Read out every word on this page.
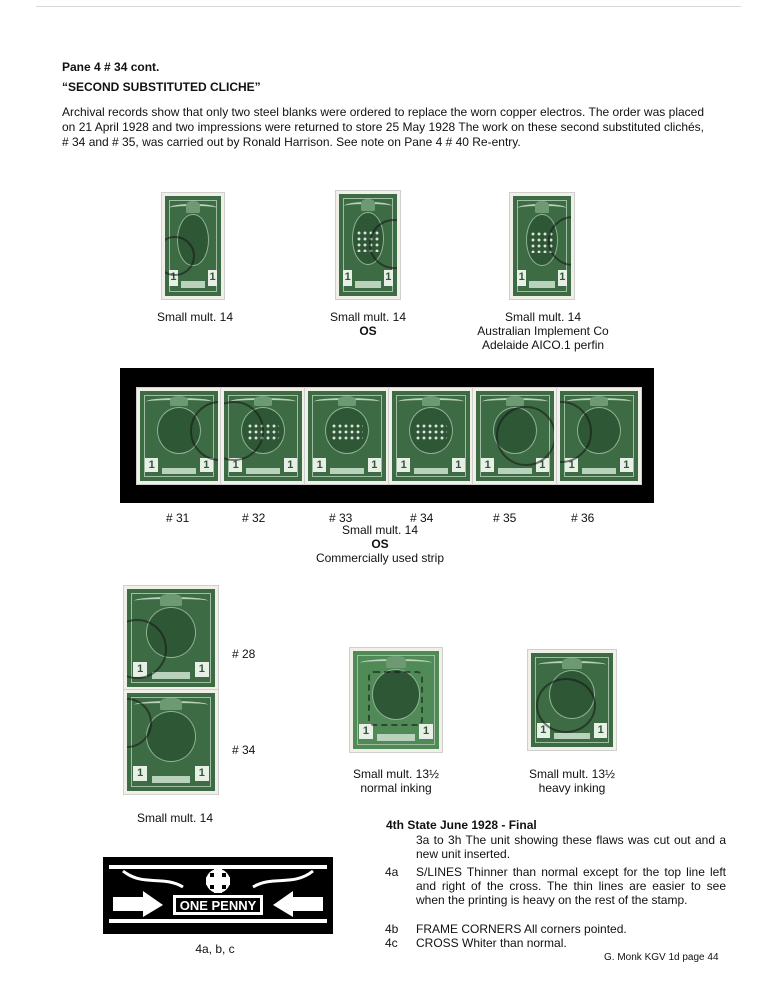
Pane 4 # 34 cont.
“SECOND SUBSTITUTED CLICHE”
Archival records show that only two steel blanks were ordered to replace the worn copper electros. The order was placed on 21 April 1928 and two impressions were returned to store 25 May 1928 The work on these second substituted clichés, # 34 and # 35, was carried out by Ronald Harrison. See note on Pane 4 # 40 Re-entry.
1	1
Small mult. 14
1	1
Small mult. 14
OS
1	1
Small mult. 14
Australian Implement Co
Adelaide AICO.1 perfin
1	1 1	1 1	1 1	1 1	1 1	1
# 31	# 32	# 33	# 34	# 35	# 36
Small mult. 14
OS
Commercially used strip
1	1
1	1
# 28
# 34
Small mult. 14
1	1
Small mult. 13½
normal inking
1	1
Small mult. 13½
heavy inking
4th State June 1928 - Final
3a to 3h The unit showing these flaws was cut out and a new unit inserted.
4a	S/LINES Thinner than normal except for the top line left and right of the cross. The thin lines are easier to see when the printing is heavy on the rest of the stamp.
4b	FRAME CORNERS All corners pointed.
4c	CROSS Whiter than normal.
ONE PENNY
4a, b, c
G. Monk KGV 1d page 44
